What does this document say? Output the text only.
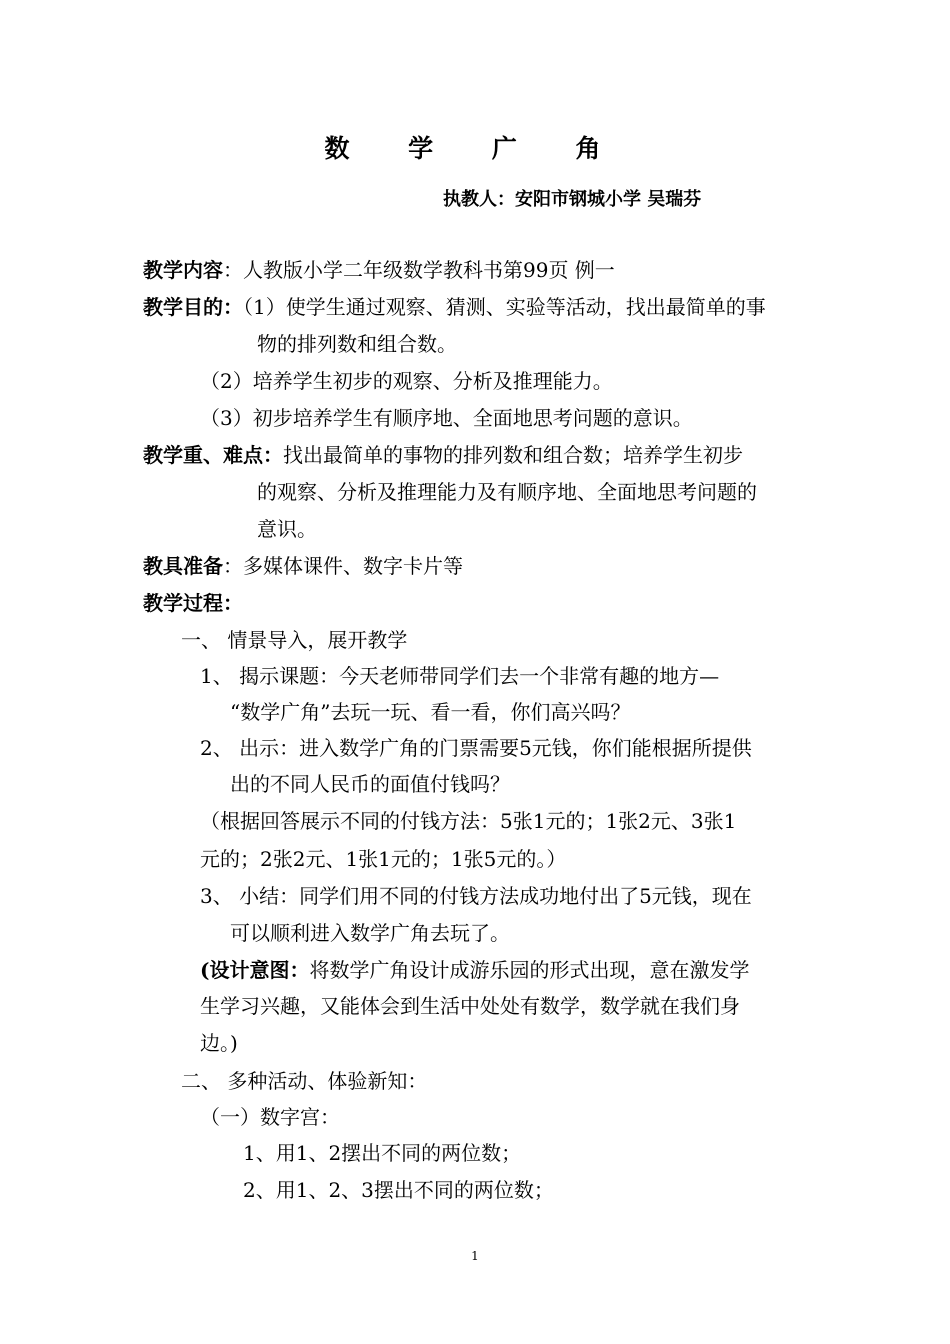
数 学 广 角
执教人：安阳市钢城小学 吴瑞芬
教学内容：人教版小学二年级数学教科书第99页 例一
教学目的：（1）使学生通过观察、猜测、实验等活动，找出最简单的事
物的排列数和组合数。
（2）培养学生初步的观察、分析及推理能力。
（3）初步培养学生有顺序地、全面地思考问题的意识。
教学重、难点：找出最简单的事物的排列数和组合数；培养学生初步
的观察、分析及推理能力及有顺序地、全面地思考问题的
意识。
教具准备：多媒体课件、数字卡片等
教学过程：
一、 情景导入，展开教学
1、 揭示课题：今天老师带同学们去一个非常有趣的地方—
“数学广角”去玩一玩、看一看，你们高兴吗？
2、 出示：进入数学广角的门票需要5元钱，你们能根据所提供
出的不同人民币的面值付钱吗？
（根据回答展示不同的付钱方法：5张1元的；1张2元、3张1
元的；2张2元、1张1元的；1张5元的。）
3、 小结：同学们用不同的付钱方法成功地付出了5元钱，现在
可以顺利进入数学广角去玩了。
(设计意图：将数学广角设计成游乐园的形式出现，意在激发学
生学习兴趣，又能体会到生活中处处有数学，数学就在我们身
边。)
二、 多种活动、体验新知：
（一）数字宫：
1、用1、2摆出不同的两位数；
2、用1、2、3摆出不同的两位数；
1
